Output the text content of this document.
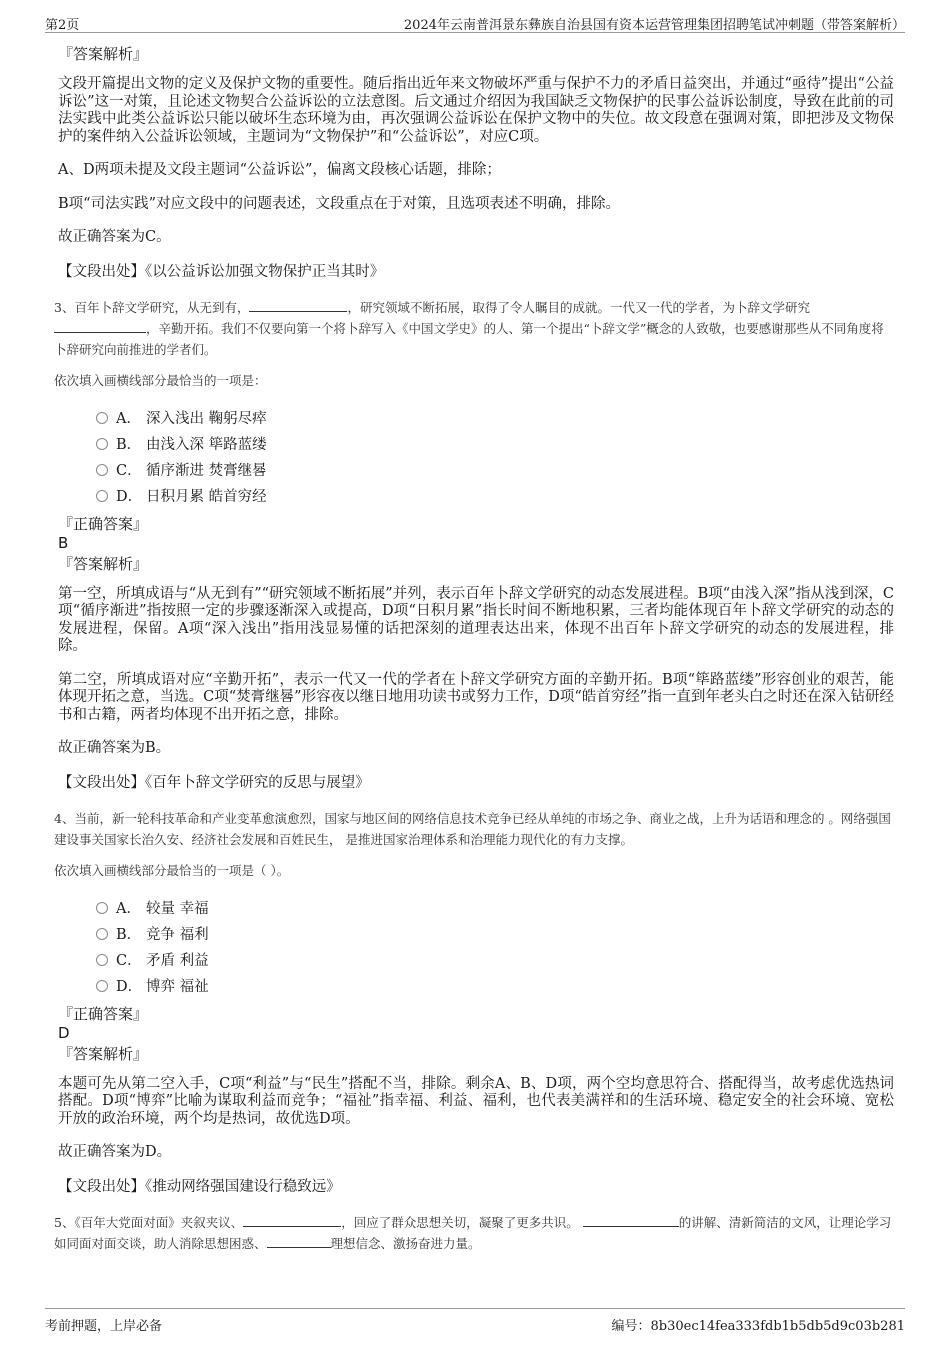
第2页	2024年云南普洱景东彝族自治县国有资本运营管理集团招聘笔试冲刺题（带答案解析）
『答案解析』

文段开篇提出文物的定义及保护文物的重要性。随后指出近年来文物破坏严重与保护不力的矛盾日益突出，并通过“亟待”提出“公益诉讼”这一对策，且论述文物契合公益诉讼的立法意图。后文通过介绍因为我国缺乏文物保护的民事公益诉讼制度，导致在此前的司法实践中此类公益诉讼只能以破坏生态环境为由，再次强调公益诉讼在保护文物中的失位。故文段意在强调对策，即把涉及文物保护的案件纳入公益诉讼领域，主题词为“文物保护”和“公益诉讼”，对应C项。

A、D两项未提及文段主题词“公益诉讼”，偏离文段核心话题，排除；

B项“司法实践”对应文段中的问题表述，文段重点在于对策，且选项表述不明确，排除。

故正确答案为C。

【文段出处】《以公益诉讼加强文物保护正当其时》

3、百年卜辞文学研究，从无到有，	，研究领域不断拓展，取得了令人瞩目的成就。一代又一代的学者，为卜辞文学研究，辛勤开拓。我们不仅要向第一个将卜辞写入《中国文学史》的人、第一个提出“卜辞文学”概念的人致敬，也要感谢那些从不同角度将卜辞研究向前推进的学者们。

依次填入画横线部分最恰当的一项是：

A． 深入浅出 鞠躬尽瘁
B． 由浅入深 筚路蓝缕
C． 循序渐进 焚膏继晷
D． 日积月累 皓首穷经
『正确答案』
B
『答案解析』

第一空，所填成语与“从无到有”“研究领域不断拓展”并列，表示百年卜辞文学研究的动态发展进程。B项“由浅入深”指从浅到深，C项“循序渐进”指按照一定的步骤逐渐深入或提高，D项“日积月累”指长时间不断地积累，三者均能体现百年卜辞文学研究的动态的发展进程，保留。A项“深入浅出”指用浅显易懂的话把深刻的道理表达出来，体现不出百年卜辞文学研究的动态的发展进程，排除。

第二空，所填成语对应“辛勤开拓”，表示一代又一代的学者在卜辞文学研究方面的辛勤开拓。B项“筚路蓝缕”形容创业的艰苦，能体现开拓之意，当选。C项“焚膏继晷”形容夜以继日地用功读书或努力工作，D项“皓首穷经”指一直到年老头白之时还在深入钻研经书和古籍，两者均体现不出开拓之意，排除。

故正确答案为B。

【文段出处】《百年卜辞文学研究的反思与展望》

4、当前，新一轮科技革命和产业变革愈演愈烈，国家与地区间的网络信息技术竞争已经从单纯的市场之争、商业之战，上升为话语和理念的 。网络强国建设事关国家长治久安、经济社会发展和百姓民生， 是推进国家治理体系和治理能力现代化的有力支撑。

依次填入画横线部分最恰当的一项是（ ）。

A． 较量 幸福
B． 竞争 福利
C． 矛盾 利益
D． 博弈 福祉
『正确答案』
D
『答案解析』

本题可先从第二空入手，C项“利益”与“民生”搭配不当，排除。剩余A、B、D项，两个空均意思符合、搭配得当，故考虑优选热词搭配。D项“博弈”比喻为谋取利益而竞争；“福祉”指幸福、利益、福利，也代表美满祥和的生活环境、稳定安全的社会环境、宽松开放的政治环境，两个均是热词，故优选D项。

故正确答案为D。

【文段出处】《推动网络强国建设行稳致远》

5、《百年大党面对面》夹叙夹议、	，回应了群众思想关切，凝聚了更多共识。	的讲解、清新简洁的文风，让理论学习如同面对面交谈，助人消除思想困惑、	理想信念、激扬奋进力量。

考前押题，上岸必备	编号：8b30ec14fea333fdb1b5db5d9c03b281
